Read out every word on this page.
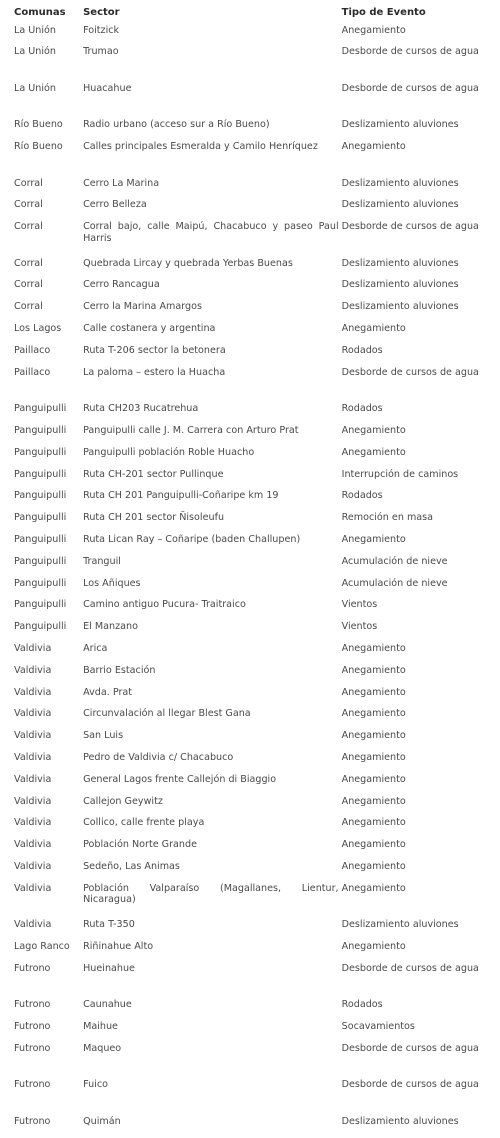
Comunas	Sector	Tipo de Evento
La Unión	Foitzick	Anegamiento
La Unión	Trumao	Desborde de cursos de agua
La Unión	Huacahue	Desborde de cursos de agua
Río Bueno	Radio urbano (acceso sur a Río Bueno)	Deslizamiento aluviones
Río Bueno	Calles principales Esmeralda y Camilo Henríquez	Anegamiento
Corral	Cerro La Marina	Deslizamiento aluviones
Corral	Cerro Belleza	Deslizamiento aluviones
Corral	Corral bajo, calle Maipú, Chacabuco y paseo Paul Harris	Desborde de cursos de agua
Corral	Quebrada Lircay y quebrada Yerbas Buenas	Deslizamiento aluviones
Corral	Cerro Rancagua	Deslizamiento aluviones
Corral	Cerro la Marina Amargos	Deslizamiento aluviones
Los Lagos	Calle costanera y argentina	Anegamiento
Paillaco	Ruta T-206 sector la betonera	Rodados
Paillaco	La paloma – estero la Huacha	Desborde de cursos de agua
Panguipulli	Ruta CH203 Rucatrehua	Rodados
Panguipulli	Panguipulli calle J. M. Carrera con Arturo Prat	Anegamiento
Panguipulli	Panguipulli población Roble Huacho	Anegamiento
Panguipulli	Ruta CH-201 sector Pullinque	Interrupción de caminos
Panguipulli	Ruta CH 201 Panguipulli-Coñaripe km 19	Rodados
Panguipulli	Ruta CH 201 sector Ñisoleufu	Remoción en masa
Panguipulli	Ruta Lican Ray – Coñaripe (baden Challupen)	Anegamiento
Panguipulli	Tranguil	Acumulación de nieve
Panguipulli	Los Añiques	Acumulación de nieve
Panguipulli	Camino antiguo Pucura- Traitraico	Vientos
Panguipulli	El Manzano	Vientos
Valdivia	Arica	Anegamiento
Valdivia	Barrio Estación	Anegamiento
Valdivia	Avda. Prat	Anegamiento
Valdivia	Circunvalación al llegar Blest Gana	Anegamiento
Valdivia	San Luis	Anegamiento
Valdivia	Pedro de Valdivia c/ Chacabuco	Anegamiento
Valdivia	General Lagos frente Callejón di Biaggio	Anegamiento
Valdivia	Callejon Geywitz	Anegamiento
Valdivia	Collico, calle frente playa	Anegamiento
Valdivia	Población Norte Grande	Anegamiento
Valdivia	Sedeño, Las Animas	Anegamiento
Valdivia	Población Valparaíso (Magallanes, Lientur, Nicaragua)	Anegamiento
Valdivia	Ruta T-350	Deslizamiento aluviones
Lago Ranco	Riñinahue Alto	Anegamiento
Futrono	Hueinahue	Desborde de cursos de agua
Futrono	Caunahue	Rodados
Futrono	Maihue	Socavamientos
Futrono	Maqueo	Desborde de cursos de agua
Futrono	Fuico	Desborde de cursos de agua
Futrono	Quimán	Deslizamiento aluviones
